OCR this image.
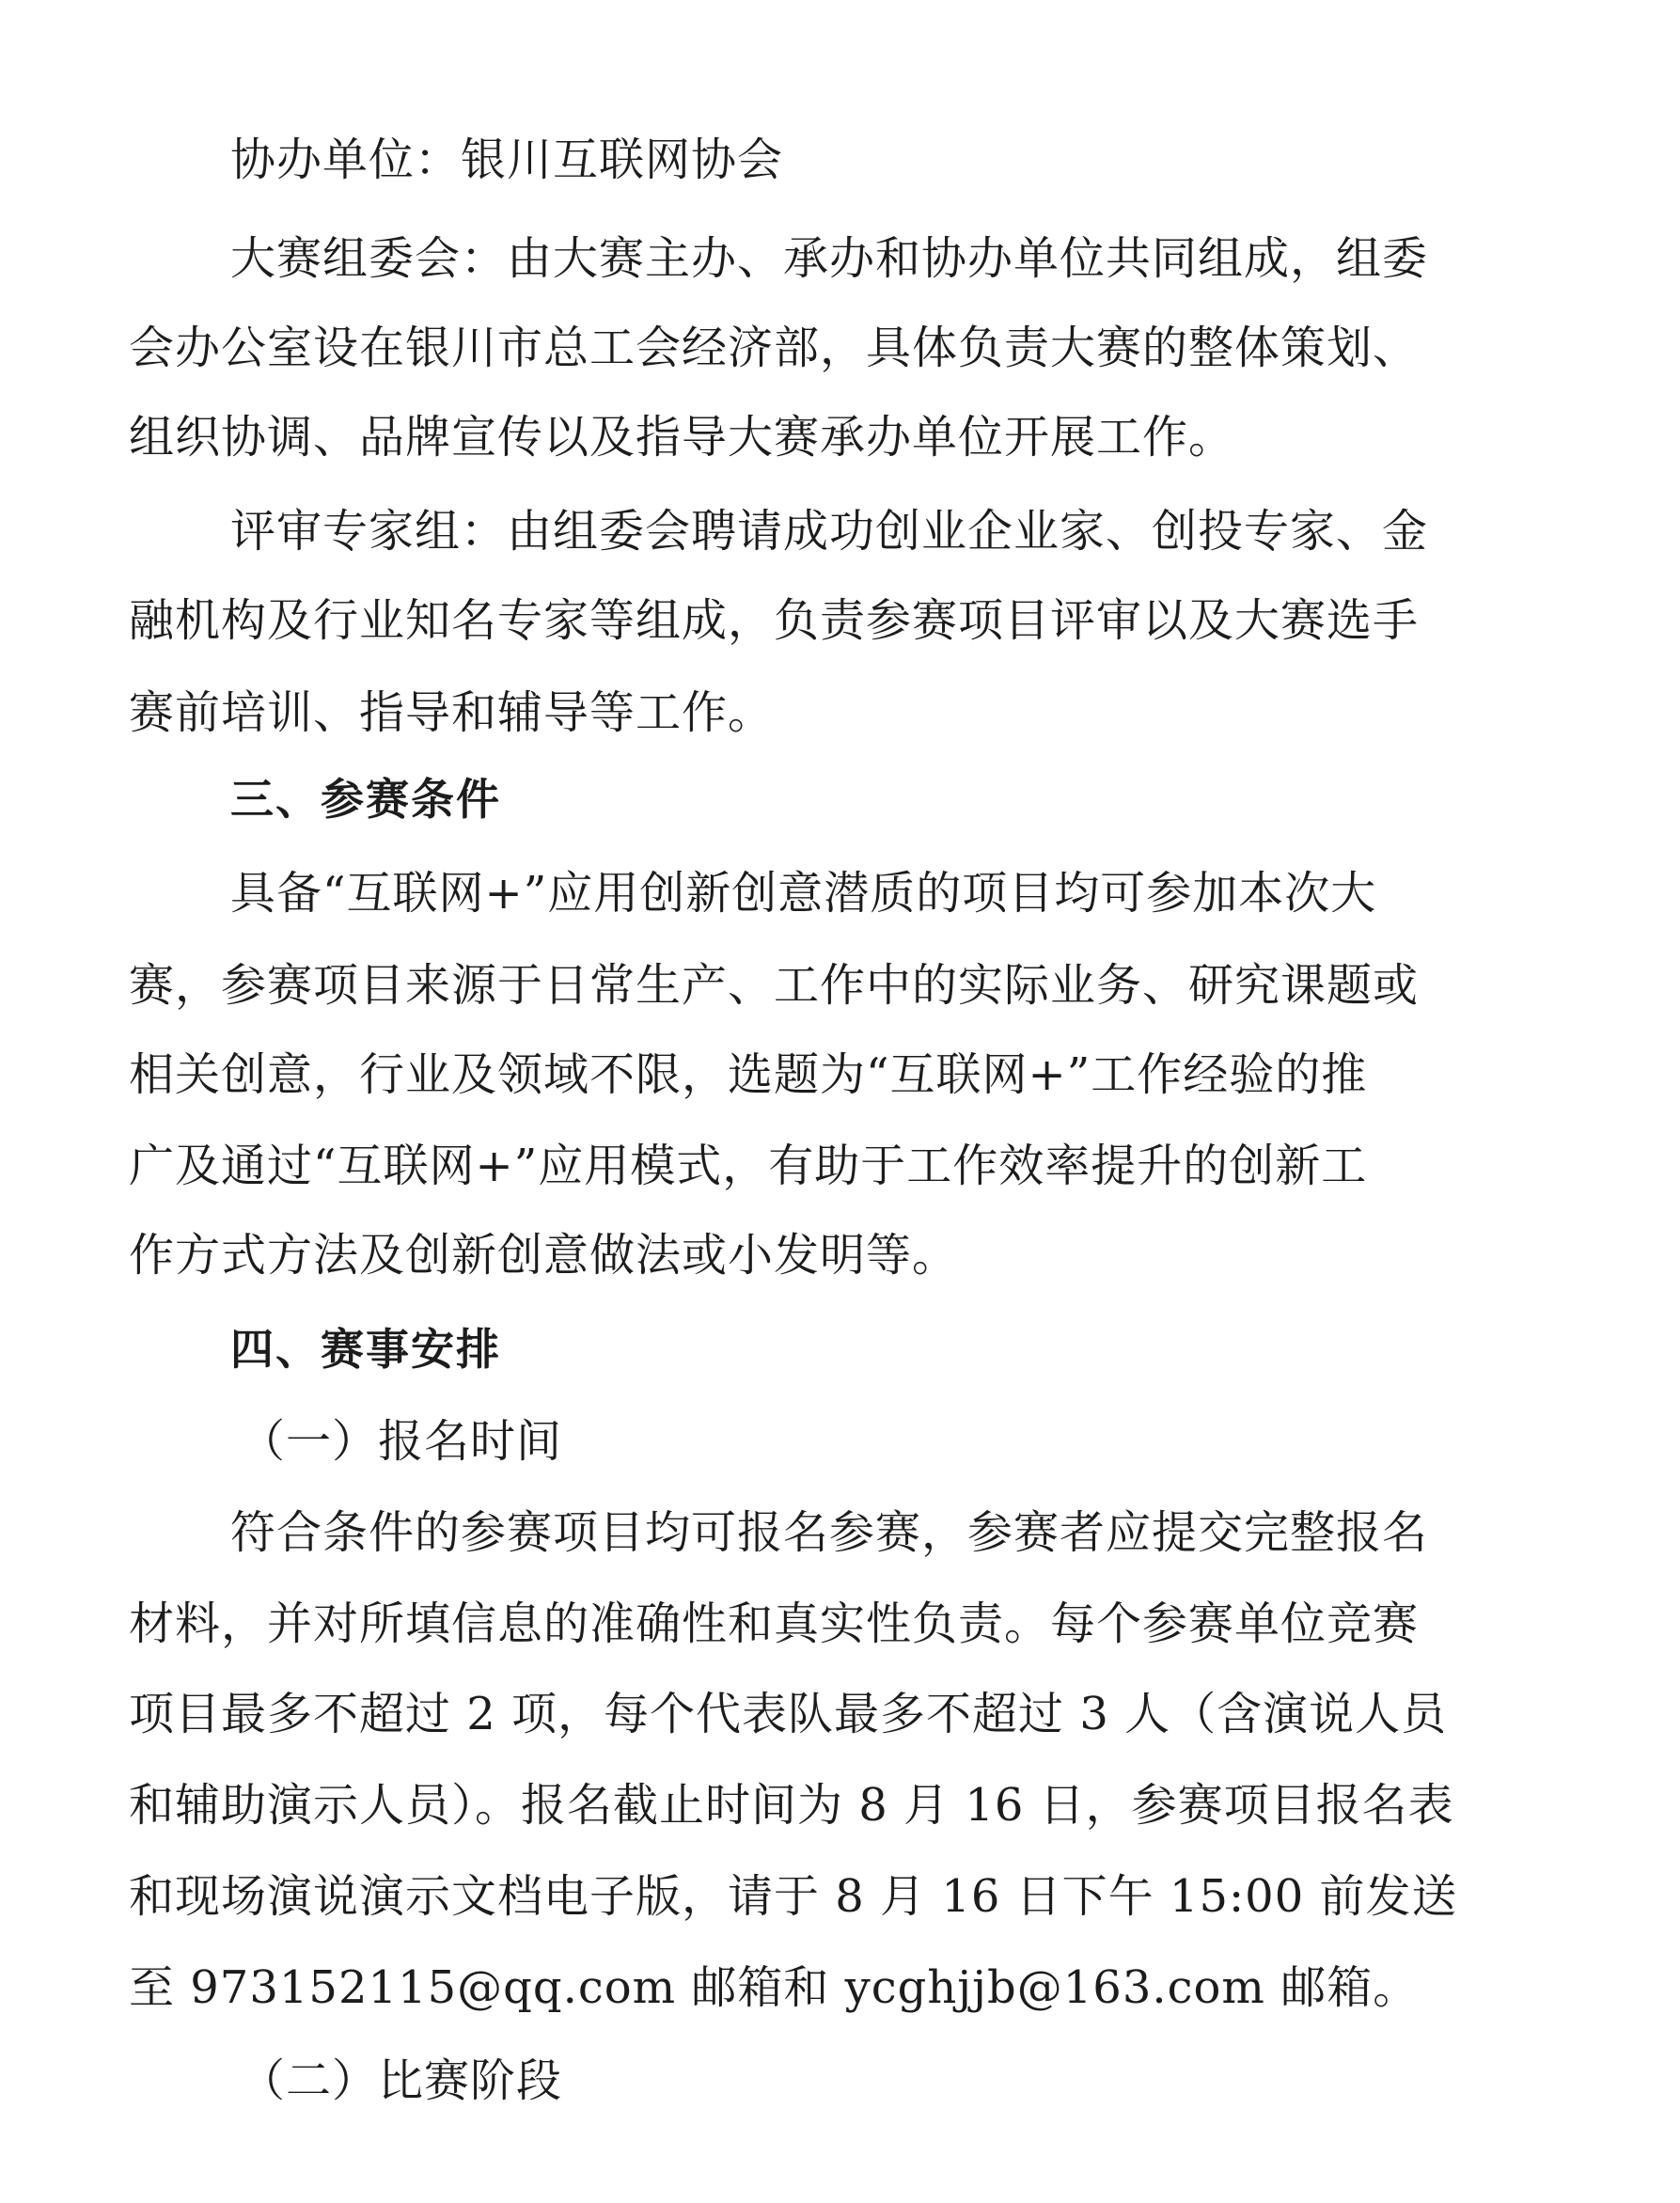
协办单位：银川互联网协会
大赛组委会：由大赛主办、承办和协办单位共同组成，组委
会办公室设在银川市总工会经济部，具体负责大赛的整体策划、
组织协调、品牌宣传以及指导大赛承办单位开展工作。
评审专家组：由组委会聘请成功创业企业家、创投专家、金
融机构及行业知名专家等组成，负责参赛项目评审以及大赛选手
赛前培训、指导和辅导等工作。
三、参赛条件
具备“互联网+”应用创新创意潜质的项目均可参加本次大
赛，参赛项目来源于日常生产、工作中的实际业务、研究课题或
相关创意，行业及领域不限，选题为“互联网+”工作经验的推
广及通过“互联网+”应用模式，有助于工作效率提升的创新工
作方式方法及创新创意做法或小发明等。
四、赛事安排
（一）报名时间
符合条件的参赛项目均可报名参赛，参赛者应提交完整报名
材料，并对所填信息的准确性和真实性负责。每个参赛单位竞赛
项目最多不超过 2 项，每个代表队最多不超过 3 人（含演说人员
和辅助演示人员）。报名截止时间为 8 月 16 日，参赛项目报名表
和现场演说演示文档电子版，请于 8 月 16 日下午 15:00 前发送
至 973152115@qq.com 邮箱和 ycghjjb@163.com 邮箱。
（二）比赛阶段
